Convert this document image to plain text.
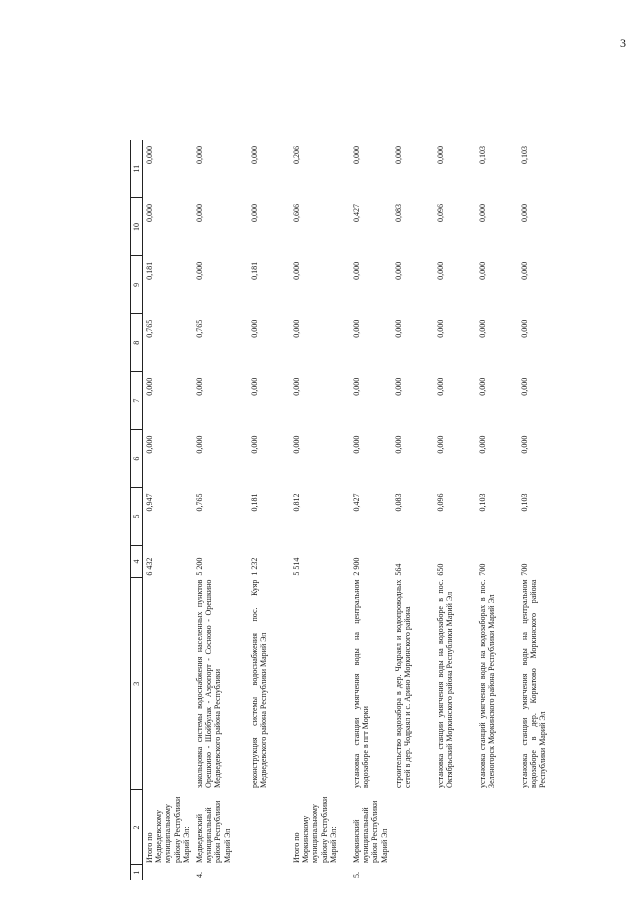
3
1	2	3	4	5	6	7	8	9	10	11
	Итого по Медведевскому муниципальному району Республики Марий Эл:		6 432	0,947	0,000	0,000	0,765	0,181	0,000	0,000
4.	Медведевский муниципальный район Республики Марий Эл	закольцовка системы водоснабжения населенных пунктов Орешкино - Шойбулак - Аэропорт - Сосново - Орешкино Медведевского района Республики	5 200	0,765	0,000	0,000	0,765	0,000	0,000	0,000
		реконструкция системы водоснабжения пос. Куяр Медведевского района Республики Марий Эл	1 232	0,181	0,000	0,000	0,000	0,181	0,000	0,000
	Итого по Моркинскому муниципальному району Республики Марий Эл:		5 514	0,812	0,000	0,000	0,000	0,000	0,606	0,206
5.	Моркинский муниципальный район Республики Марий Эл	установка станции умягчения воды на центральном водозаборе в пгт Морки	2 900	0,427	0,000	0,000	0,000	0,000	0,427	0,000
		строительство водозабора в дер. Чодраял и водопроводных сетей в дер. Чодраял и с. Арино Моркинского района	564	0,083	0,000	0,000	0,000	0,000	0,083	0,000
		установка станции умягчения воды на водозаборе в пос. Октябрьский Моркинского района Республики Марий Эл	650	0,096	0,000	0,000	0,000	0,000	0,096	0,000
		установка станций умягчения воды на водозаборах в пос. Зеленогорск Моркинского района Республики Марий Эл	700	0,103	0,000	0,000	0,000	0,000	0,000	0,103
		установка станции умягчения воды на центральном водозаборе в дер. Коркатово Моркинского района Республики Марий Эл	700	0,103	0,000	0,000	0,000	0,000	0,000	0,103
